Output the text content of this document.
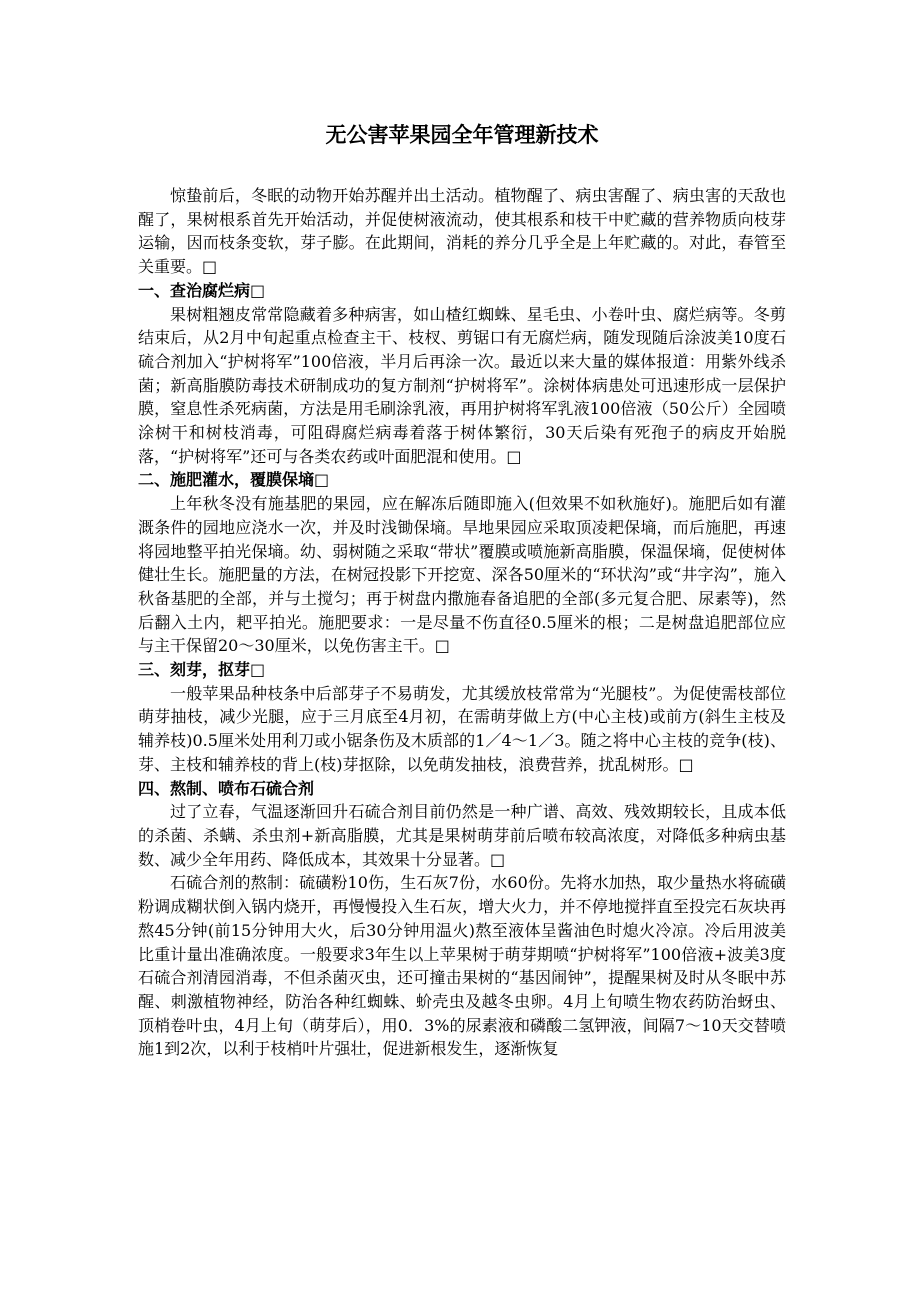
无公害苹果园全年管理新技术

惊蛰前后，冬眠的动物开始苏醒并出土活动。植物醒了、病虫害醒了、病虫害的天敌也醒了，果树根系首先开始活动，并促使树液流动，使其根系和枝干中贮藏的营养物质向枝芽运输，因而枝条变软，芽子膨。在此期间，消耗的养分几乎全是上年贮藏的。对此，春管至关重要。□

一、查治腐烂病□

果树粗翘皮常常隐藏着多种病害，如山楂红蜘蛛、星毛虫、小卷叶虫、腐烂病等。冬剪结束后，从2月中旬起重点检查主干、枝杈、剪锯口有无腐烂病，随发现随后涂波美10度石硫合剂加入“护树将军”100倍液，半月后再涂一次。最近以来大量的媒体报道：用紫外线杀菌；新高脂膜防毒技术研制成功的复方制剂“护树将军”。涂树体病患处可迅速形成一层保护膜，窒息性杀死病菌，方法是用毛刷涂乳液，再用护树将军乳液100倍液（50公斤）全园喷涂树干和树枝消毒，可阻碍腐烂病毒着落于树体繁衍，30天后染有死孢子的病皮开始脱落，“护树将军”还可与各类农药或叶面肥混和使用。□

二、施肥灌水，覆膜保墒□

上年秋冬没有施基肥的果园，应在解冻后随即施入(但效果不如秋施好)。施肥后如有灌溉条件的园地应浇水一次，并及时浅锄保墒。旱地果园应采取顶凌耙保墒，而后施肥，再速将园地整平拍光保墒。幼、弱树随之采取“带状”覆膜或喷施新高脂膜，保温保墒，促使树体健壮生长。施肥量的方法，在树冠投影下开挖宽、深各50厘米的“环状沟”或“井字沟”，施入秋备基肥的全部，并与土搅匀；再于树盘内撒施春备追肥的全部(多元复合肥、尿素等)，然后翻入土内，耙平拍光。施肥要求：一是尽量不伤直径0.5厘米的根；二是树盘追肥部位应与主干保留20～30厘米，以免伤害主干。□

三、刻芽，抠芽□

一般苹果品种枝条中后部芽子不易萌发，尤其缓放枝常常为“光腿枝”。为促使需枝部位萌芽抽枝，减少光腿，应于三月底至4月初，在需萌芽做上方(中心主枝)或前方(斜生主枝及辅养枝)0.5厘米处用利刀或小锯条伤及木质部的1／4～1／3。随之将中心主枝的竞争(枝)、芽、主枝和辅养枝的背上(枝)芽抠除，以免萌发抽枝，浪费营养，扰乱树形。□

四、熬制、喷布石硫合剂

过了立春，气温逐渐回升石硫合剂目前仍然是一种广谱、高效、残效期较长，且成本低的杀菌、杀螨、杀虫剂+新高脂膜，尤其是果树萌芽前后喷布较高浓度，对降低多种病虫基数、减少全年用药、降低成本，其效果十分显著。□

石硫合剂的熬制：硫磺粉10伤，生石灰7份，水60份。先将水加热，取少量热水将硫磺粉调成糊状倒入锅内烧开，再慢慢投入生石灰，增大火力，并不停地搅拌直至投完石灰块再熬45分钟(前15分钟用大火，后30分钟用温火)熬至液体呈酱油色时熄火冷凉。冷后用波美比重计量出准确浓度。一般要求3年生以上苹果树于萌芽期喷“护树将军”100倍液+波美3度石硫合剂清园消毒，不但杀菌灭虫，还可撞击果树的“基因闹钟”，提醒果树及时从冬眠中苏醒、刺激植物神经，防治各种红蜘蛛、蚧壳虫及越冬虫卵。4月上旬喷生物农药防治蚜虫、顶梢卷叶虫，4月上旬（萌芽后），用0．3%的尿素液和磷酸二氢钾液，间隔7～10天交替喷施1到2次，以利于枝梢叶片强壮，促进新根发生，逐渐恢复
